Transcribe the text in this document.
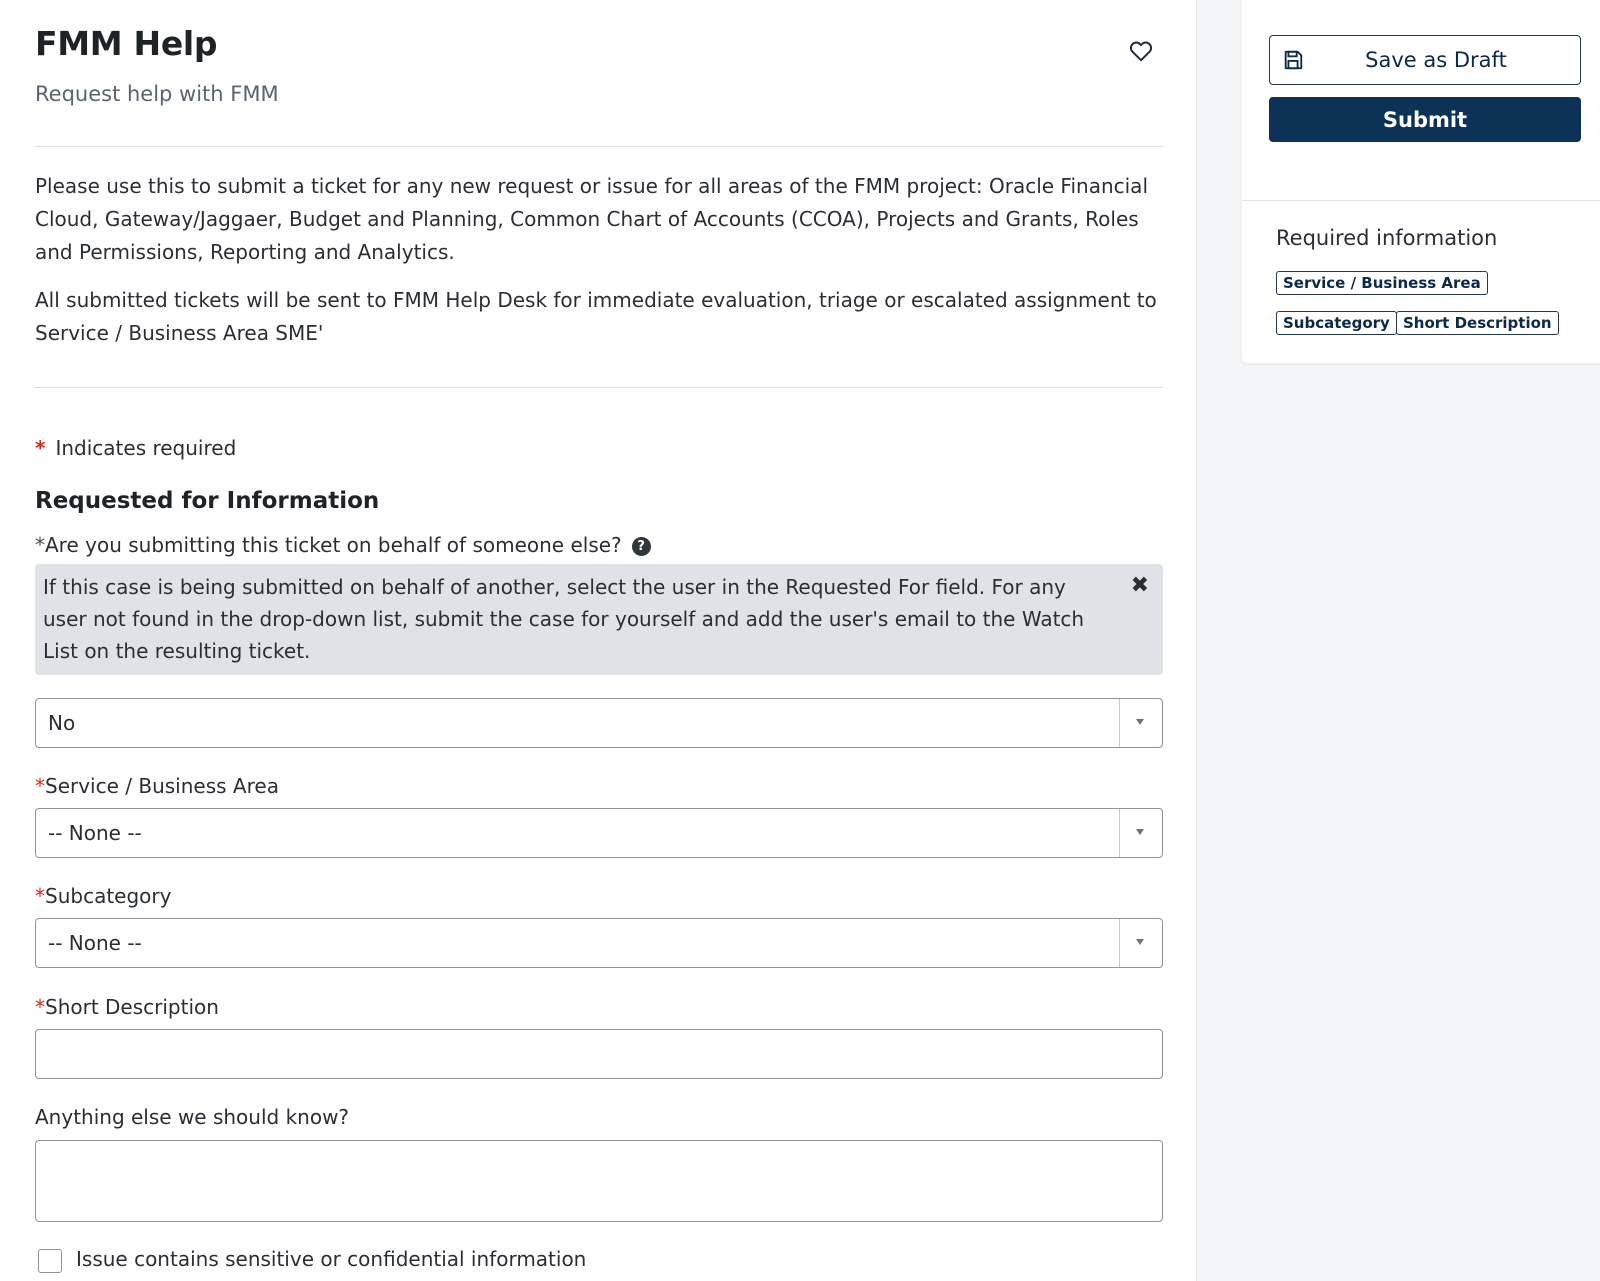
FMM Help
Request help with FMM
Please use this to submit a ticket for any new request or issue for all areas of the FMM project: Oracle Financial Cloud, Gateway/Jaggaer, Budget and Planning, Common Chart of Accounts (CCOA), Projects and Grants, Roles and Permissions, Reporting and Analytics.
All submitted tickets will be sent to FMM Help Desk for immediate evaluation, triage or escalated assignment to Service / Business Area SME'
* Indicates required
Requested for Information
*Are you submitting this ticket on behalf of someone else? ?
If this case is being submitted on behalf of another, select the user in the Requested For field. For any user not found in the drop-down list, submit the case for yourself and add the user's email to the Watch List on the resulting ticket.
✖
No
*Service / Business Area
-- None --
*Subcategory
-- None --
*Short Description
Anything else we should know?
Issue contains sensitive or confidential information
Save as Draft
Submit
Required information
Service / Business Area
Subcategory Short Description
